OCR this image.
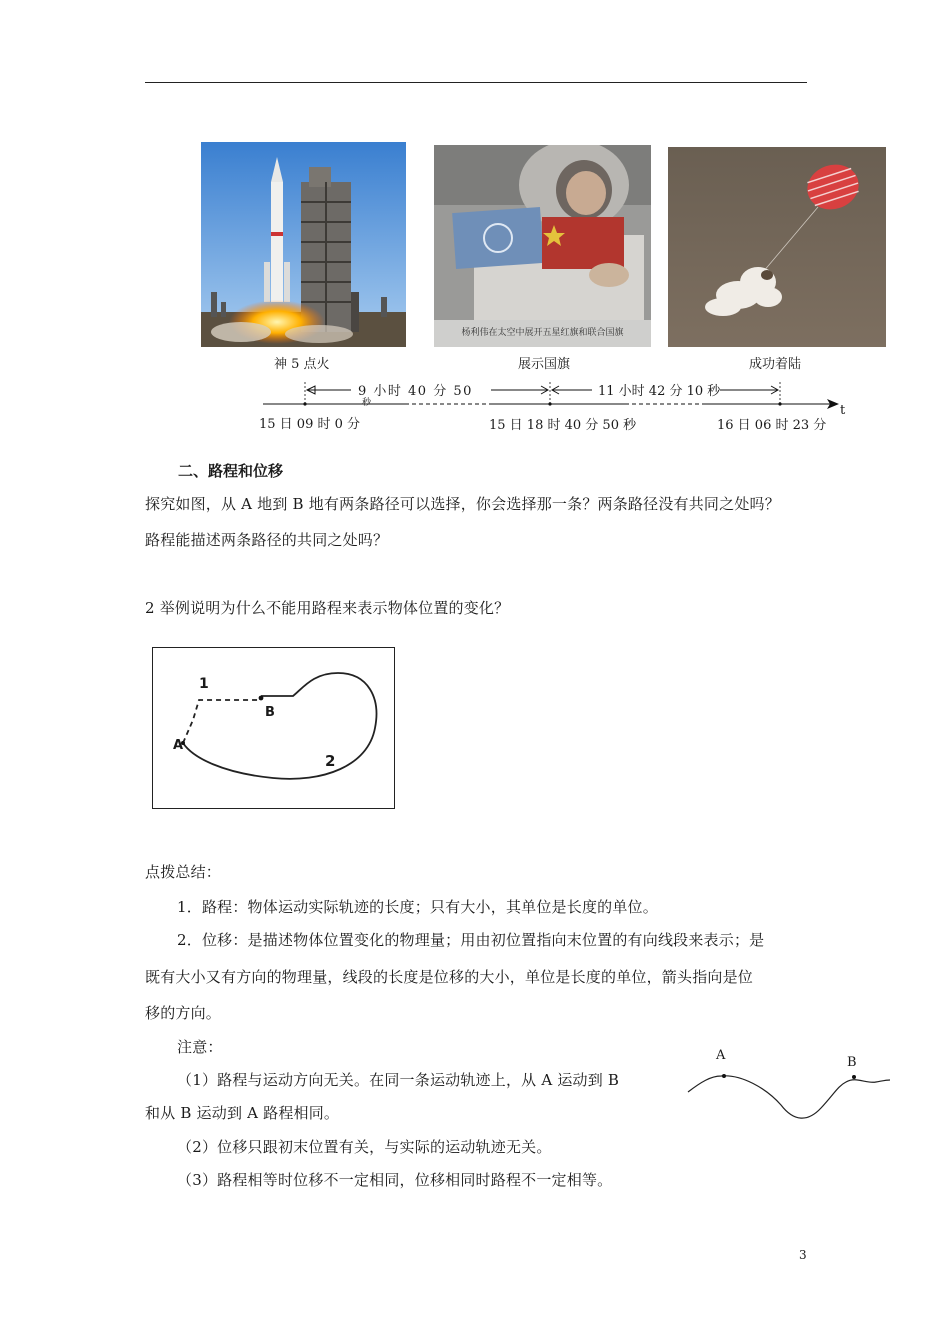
神 5 点火
杨利伟在太空中展开五星红旗和联合国旗
展示国旗	成功着陆
9 小时 40 分 50
秒
11 小时 42 分 10 秒
t
15 日 09 时 0 分	15 日 18 时 40 分 50 秒	16 日 06 时 23 分
二、路程和位移
探究如图，从 A 地到 B 地有两条路径可以选择，你会选择那一条？两条路径没有共同之处吗？
路程能描述两条路径的共同之处吗？
2 举例说明为什么不能用路程来表示物体位置的变化？
1
2
A
B
点拨总结：
1．路程：物体运动实际轨迹的长度；只有大小，其单位是长度的单位。
2．位移：是描述物体位置变化的物理量；用由初位置指向末位置的有向线段来表示；是
既有大小又有方向的物理量，线段的长度是位移的大小，单位是长度的单位，箭头指向是位
移的方向。
注意：
（1）路程与运动方向无关。在同一条运动轨迹上，从 A 运动到 B
和从 B 运动到 A 路程相同。
（2）位移只跟初末位置有关，与实际的运动轨迹无关。
（3）路程相等时位移不一定相同，位移相同时路程不一定相等。
A	B
3
